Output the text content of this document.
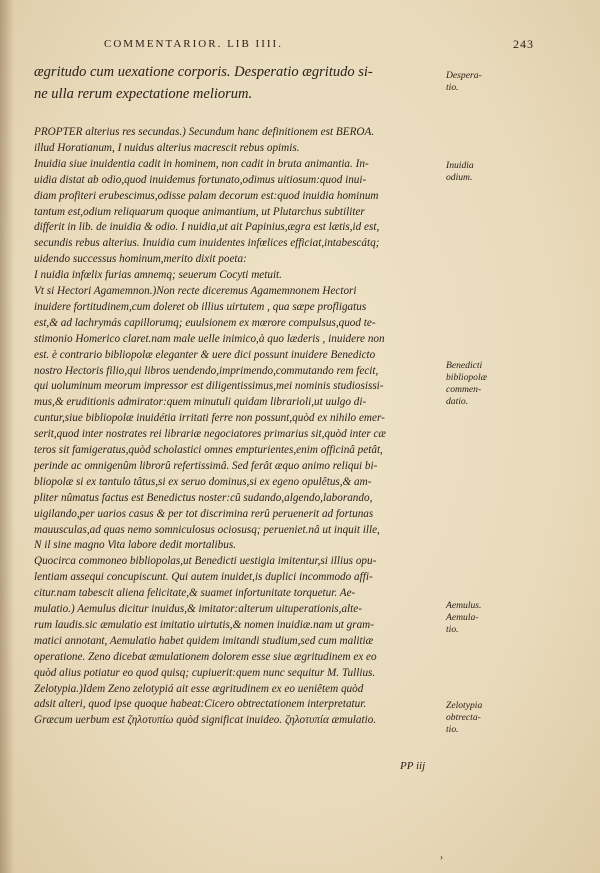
COMMENTARIOR. LIB IIII.	243
ægritudo cum uexatione corporis. Desperatio ægritudo si-
ne ulla rerum expectatione meliorum.
PROPTER alterius res secundas.) Secundum hanc definitionem est BEROA.
illud Horatianum, I nuidus alterius macrescit rebus opimis.
Inuidia siue inuidentia cadit in hominem, non cadit in bruta animantia. In-
uidia distat ab odio,quod inuidemus fortunato,odimus uitiosum:quod inui-
diam profiteri erubescimus,odisse palam decorum est:quod inuidia hominum
tantum est,odium reliquarum quoque animantium, ut Plutarchus subtiliter
differit in lib. de inuidia & odio. I nuidia,ut ait Papinius,ægra est lætis,id est,
secundis rebus alterius. Inuidia cum inuidentes infœlices efficiat,intabescátq;
uidendo successus hominum,merito dixit poeta:
I nuidia infœlix furias amnemq; seuerum Cocyti metuit.
Vt si Hectori Agamemnon.)Non recte diceremus Agamemnonem Hectori
inuidere fortitudinem,cum doleret ob illius uirtutem , qua sæpe profligatus
est,& ad lachrymás capillorumq; euulsionem ex mœrore compulsus,quod te-
stimonio Homerico claret.nam male uelle inimico,à quo læderis , inuidere non
est. è contrario bibliopolæ eleganter & uere dici possunt inuidere Benedicto
nostro Hectoris filio,qui libros uendendo,imprimendo,commutando rem fecit,
qui uoluminum meorum impressor est diligentissimus,mei nominis studiosissi-
mus,& eruditionis admirator:quem minutuli quidam librarioli,ut uulgo di-
cuntur,siue bibliopolæ inuidétia irritati ferre non possunt,quòd ex nihilo emer-
serit,quod inter nostrates rei librariæ negociatores primarius sit,quòd inter cæ
teros sit famigeratus,quòd scholastici omnes empturientes,enim officinâ petât,
perinde ac omnigenûm librorû refertissimâ. Sed ferât æquo animo reliqui bi-
bliopolæ si ex tantulo tâtus,si ex seruo dominus,si ex egeno opulêtus,& am-
pliter nûmatus factus est Benedictus noster:cû sudando,algendo,laborando,
uigilando,per uarios casus & per tot discrimina rerû peruenerit ad fortunas
mauusculas,ad quas nemo somniculosus ociosusq; perueniet.nâ ut inquit ille,
N il sine magno Vita labore dedit mortalibus.
Quocirca commoneo bibliopolas,ut Benedicti uestigia imitentur,si illius opu-
lentiam assequi concupiscunt. Qui autem inuidet,is duplici incommodo affi-
citur.nam tabescit aliena felicitate,& suamet infortunitate torquetur. Ae-
mulatio.) Aemulus dicitur inuidus,& imitator:alterum uituperationis,alte-
rum laudis.sic æmulatio est imitatio uirtutis,& nomen inuidiæ.nam ut gram-
matici annotant, Aemulatio habet quidem imitandi studium,sed cum malitiæ
operatione. Zeno dicebat æmulationem dolorem esse siue ægritudinem ex eo
quòd alius potiatur eo quod quisq; cupiuerit:quem nunc sequitur M. Tullius.
Zelotypia.)Idem Zeno zelotypiá ait esse ægritudinem ex eo ueniêtem quòd
adsit alteri, quod ipse quoque habeat:Cicero obtrectationem interpretatur.
Græcum uerbum est ζηλοτυπίω quòd significat inuideo. ζηλοτυπία æmulatio.
Despera-
tio.
Inuidia
odium.
Benedicti
bibliopolæ
commen-
datio.
Aemulus.
Aemula-
tio.
Zelotypia
obtrecta-
tio.
PP iij
›
